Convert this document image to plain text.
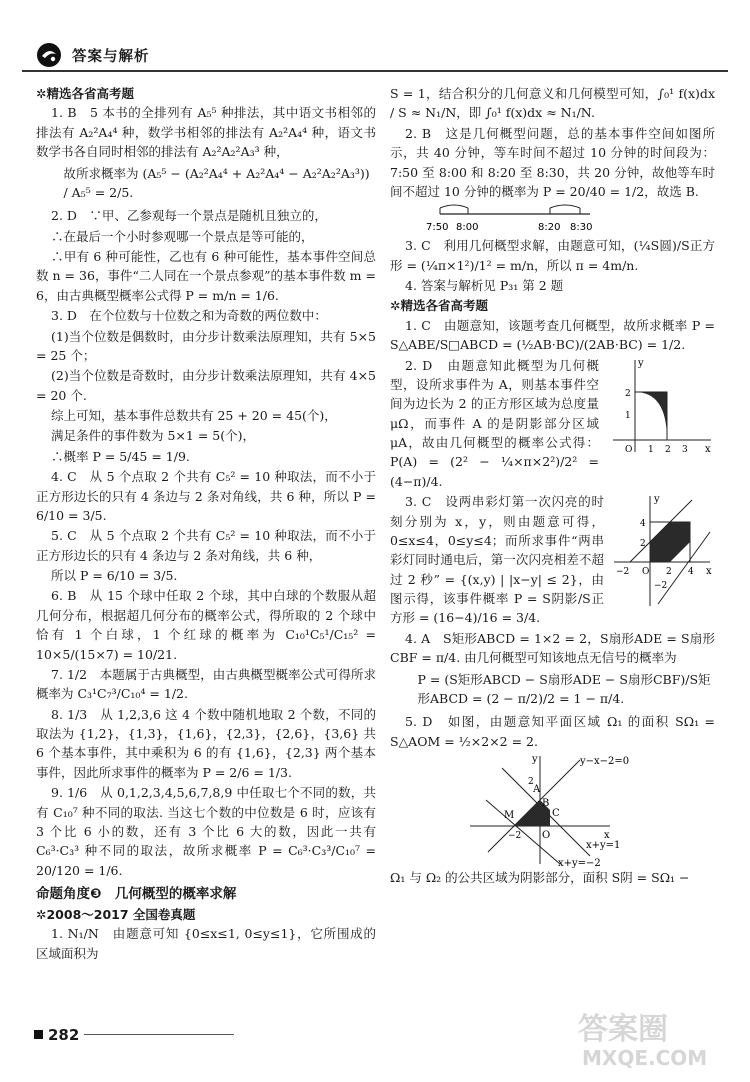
答案与解析
✲精选各省高考题

1. B　5 本书的全排列有 A₅⁵ 种排法，其中语文书相邻的排法有 A₂²A₄⁴ 种，数学书相邻的排法有 A₂²A₄⁴ 种，语文书数学书各自同时相邻的排法有 A₂²A₂²A₃³ 种，

故所求概率为 (A₅⁵ − (A₂²A₄⁴ + A₂²A₄⁴ − A₂²A₂²A₃³)) / A₅⁵ = 2/5.

2. D　∵甲、乙参观每一个景点是随机且独立的，

∴在最后一个小时参观哪一个景点是等可能的，

∴甲有 6 种可能性，乙也有 6 种可能性，基本事件空间总数 n = 36，事件“二人同在一个景点参观”的基本事件数 m = 6，由古典概型概率公式得 P = m/n = 1/6.

3. D　在个位数与十位数之和为奇数的两位数中：

(1)当个位数是偶数时，由分步计数乘法原理知，共有 5×5 = 25 个；

(2)当个位数是奇数时，由分步计数乘法原理知，共有 4×5 = 20 个.

综上可知，基本事件总数共有 25 + 20 = 45(个)，

满足条件的事件数为 5×1 = 5(个)，

∴概率 P = 5/45 = 1/9.

4. C　从 5 个点取 2 个共有 C₅² = 10 种取法，而不小于正方形边长的只有 4 条边与 2 条对角线，共 6 种，所以 P = 6/10 = 3/5.

5. C　从 5 个点取 2 个共有 C₅² = 10 种取法，而不小于正方形边长的只有 4 条边与 2 条对角线，共 6 种，

所以 P = 6/10 = 3/5.

6. B　从 15 个球中任取 2 个球，其中白球的个数服从超几何分布，根据超几何分布的概率公式，得所取的 2 个球中恰有 1 个白球，1 个红球的概率为 C₁₀¹C₅¹/C₁₅² = 10×5/(15×7) = 10/21.

7. 1/2　本题属于古典概型，由古典概型概率公式可得所求概率为 C₃¹C₇³/C₁₀⁴ = 1/2.

8. 1/3　从 1,2,3,6 这 4 个数中随机地取 2 个数，不同的取法为 {1,2}，{1,3}，{1,6}，{2,3}，{2,6}，{3,6} 共 6 个基本事件，其中乘积为 6 的有 {1,6}，{2,3} 两个基本事件，因此所求事件的概率为 P = 2/6 = 1/3.

9. 1/6　从 0,1,2,3,4,5,6,7,8,9 中任取七个不同的数，共有 C₁₀⁷ 种不同的取法. 当这七个数的中位数是 6 时，应该有 3 个比 6 小的数，还有 3 个比 6 大的数，因此一共有 C₆³·C₃³ 种不同的取法，故所求概率 P = C₆³·C₃³/C₁₀⁷ = 20/120 = 1/6.

命题角度❸　几何概型的概率求解
✲2008～2017 全国卷真题

1. N₁/N　由题意可知 {0≤x≤1, 0≤y≤1}，它所围成的区域面积为

S = 1，结合积分的几何意义和几何模型可知，∫₀¹ f(x)dx / S ≈ N₁/N，即 ∫₀¹ f(x)dx ≈ N₁/N.

2. B　这是几何概型问题，总的基本事件空间如图所示，共 40 分钟，等车时间不超过 10 分钟的时间段为：7:50 至 8:00 和 8:20 至 8:30，共 20 分钟，故他等车时间不超过 10 分钟的概率为 P = 20/40 = 1/2，故选 B.

7:50 8:00	8:20 8:30

3. C　利用几何概型求解，由题意可知，(¼S圆)/S正方形 = (¼π×1²)/1² = m/n，所以 π = 4m/n.

4. 答案与解析见 P₃₁ 第 2 题

✲精选各省高考题

1. C　由题意知，该题考查几何概型，故所求概率 P = S△ABE/S□ABCD = (½AB·BC)/(2AB·BC) = 1/2.

y
x
2
1
O 1 2 3

2. D　由题意知此概型为几何概型，设所求事件为 A，则基本事件空间为边长为 2 的正方形区域为总度量 μΩ，而事件 A 的是阴影部分区域 μA，故由几何概型的概率公式得：P(A) = (2² − ¼×π×2²)/2² = (4−π)/4.

y
x
4
2
O
−2	2 4
−2

3. C　设两串彩灯第一次闪亮的时刻分别为 x，y，则由题意可得，0≤x≤4，0≤y≤4；而所求事件“两串彩灯同时通电后，第一次闪亮相差不超过 2 秒” = {(x,y) | |x−y| ≤ 2}，由图示得，该事件概率 P = S阴影/S正方形 = (16−4)/16 = 3/4.

4. A　S矩形ABCD = 1×2 = 2，S扇形ADE = S扇形CBF = π/4. 由几何概型可知该地点无信号的概率为

P = (S矩形ABCD − S扇形ADE − S扇形CBF)/S矩形ABCD = (2 − π/2)/2 = 1 − π/4.

5. D　如图，由题意知平面区域 Ω₁ 的面积 SΩ₁ = S△AOM = ½×2×2 = 2.

y−x−2=0
x+y=1
x+y=−2
A
B
C
M
O	x
y
−2
2

Ω₁ 与 Ω₂ 的公共区域为阴影部分，面积 S阴 = SΩ₁ −

282	答案圈
MXQE.COM
